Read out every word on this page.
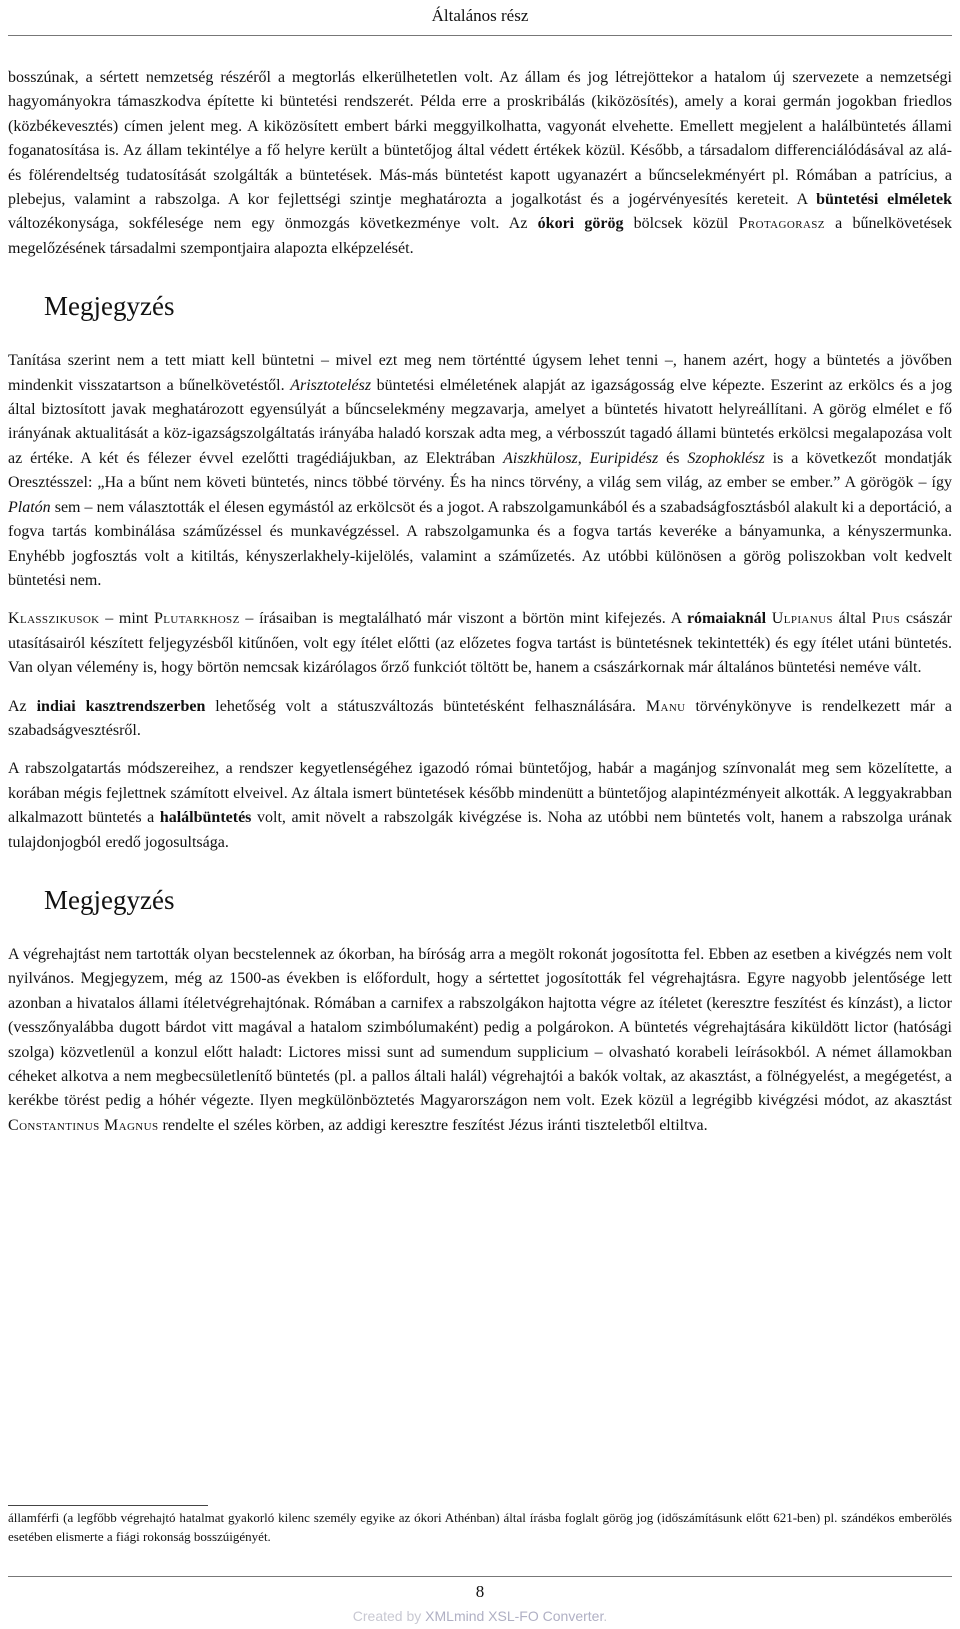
Általános rész

bosszúnak, a sértett nemzetség részéről a megtorlás elkerülhetetlen volt. Az állam és jog létrejöttekor a hatalom új szervezete a nemzetségi hagyományokra támaszkodva építette ki büntetési rendszerét. Példa erre a proskribálás (kiközösítés), amely a korai germán jogokban friedlos (közbékevesztés) címen jelent meg. A kiközösített embert bárki meggyilkolhatta, vagyonát elvehette. Emellett megjelent a halálbüntetés állami foganatosítása is. Az állam tekintélye a fő helyre került a büntetőjog által védett értékek közül. Később, a társadalom differenciálódásával az alá- és fölérendeltség tudatosítását szolgálták a büntetések. Más-más büntetést kapott ugyanazért a bűncselekményért pl. Rómában a patrícius, a plebejus, valamint a rabszolga. A kor fejlettségi szintje meghatározta a jogalkotást és a jogérvényesítés kereteit. A büntetési elméletek változékonysága, sokfélesége nem egy önmozgás következménye volt. Az ókori görög bölcsek közül Protagorasz a bűnelkövetések megelőzésének társadalmi szempontjaira alapozta elképzelését.

Megjegyzés

Tanítása szerint nem a tett miatt kell büntetni – mivel ezt meg nem történtté úgysem lehet tenni –, hanem azért, hogy a büntetés a jövőben mindenkit visszatartson a bűnelkövetéstől. Arisztotelész büntetési elméletének alapját az igazságosság elve képezte. Eszerint az erkölcs és a jog által biztosított javak meghatározott egyensúlyát a bűncselekmény megzavarja, amelyet a büntetés hivatott helyreállítani. A görög elmélet e fő irányának aktualitását a köz-igazságszolgáltatás irányába haladó korszak adta meg, a vérbosszút tagadó állami büntetés erkölcsi megalapozása volt az értéke. A két és félezer évvel ezelőtti tragédiájukban, az Elektrában Aiszkhülosz, Euripidész és Szophoklész is a következőt mondatják Oresztésszel: „Ha a bűnt nem követi büntetés, nincs többé törvény. És ha nincs törvény, a világ sem világ, az ember se ember.” A görögök – így Platón sem – nem választották el élesen egymástól az erkölcsöt és a jogot. A rabszolgamunkából és a szabadságfosztásból alakult ki a deportáció, a fogva tartás kombinálása száműzéssel és munkavégzéssel. A rabszolgamunka és a fogva tartás keveréke a bányamunka, a kényszermunka. Enyhébb jogfosztás volt a kitiltás, kényszerlakhely-kijelölés, valamint a száműzetés. Az utóbbi különösen a görög poliszokban volt kedvelt büntetési nem.

Klasszikusok – mint Plutarkhosz – írásaiban is megtalálható már viszont a börtön mint kifejezés. A rómaiaknál Ulpianus által Pius császár utasításairól készített feljegyzésből kitűnően, volt egy ítélet előtti (az előzetes fogva tartást is büntetésnek tekintették) és egy ítélet utáni büntetés. Van olyan vélemény is, hogy börtön nemcsak kizárólagos őrző funkciót töltött be, hanem a császárkornak már általános büntetési neméve vált.

Az indiai kasztrendszerben lehetőség volt a státuszváltozás büntetésként felhasználására. Manu törvénykönyve is rendelkezett már a szabadságvesztésről.

A rabszolgatartás módszereihez, a rendszer kegyetlenségéhez igazodó római büntetőjog, habár a magánjog színvonalát meg sem közelítette, a korában mégis fejlettnek számított elveivel. Az általa ismert büntetések később mindenütt a büntetőjog alapintézményeit alkották. A leggyakrabban alkalmazott büntetés a halálbüntetés volt, amit növelt a rabszolgák kivégzése is. Noha az utóbbi nem büntetés volt, hanem a rabszolga urának tulajdonjogból eredő jogosultsága.

Megjegyzés

A végrehajtást nem tartották olyan becstelennek az ókorban, ha bíróság arra a megölt rokonát jogosította fel. Ebben az esetben a kivégzés nem volt nyilvános. Megjegyzem, még az 1500-as években is előfordult, hogy a sértettet jogosították fel végrehajtásra. Egyre nagyobb jelentősége lett azonban a hivatalos állami ítéletvégrehajtónak. Rómában a carnifex a rabszolgákon hajtotta végre az ítéletet (keresztre feszítést és kínzást), a lictor (vesszőnyalábba dugott bárdot vitt magával a hatalom szimbólumaként) pedig a polgárokon. A büntetés végrehajtására kiküldött lictor (hatósági szolga) közvetlenül a konzul előtt haladt: Lictores missi sunt ad sumendum supplicium – olvasható korabeli leírásokból. A német államokban céheket alkotva a nem megbecsületlenítő büntetés (pl. a pallos általi halál) végrehajtói a bakók voltak, az akasztást, a fölnégyelést, a megégetést, a kerékbe törést pedig a hóhér végezte. Ilyen megkülönböztetés Magyarországon nem volt. Ezek közül a legrégibb kivégzési módot, az akasztást Constantinus Magnus rendelte el széles körben, az addigi keresztre feszítést Jézus iránti tiszteletből eltiltva.

államférfi (a legfőbb végrehajtó hatalmat gyakorló kilenc személy egyike az ókori Athénban) által írásba foglalt görög jog (időszámításunk előtt 621-ben) pl. szándékos emberölés esetében elismerte a fiági rokonság bosszúigényét.
8
Created by XMLmind XSL-FO Converter.
